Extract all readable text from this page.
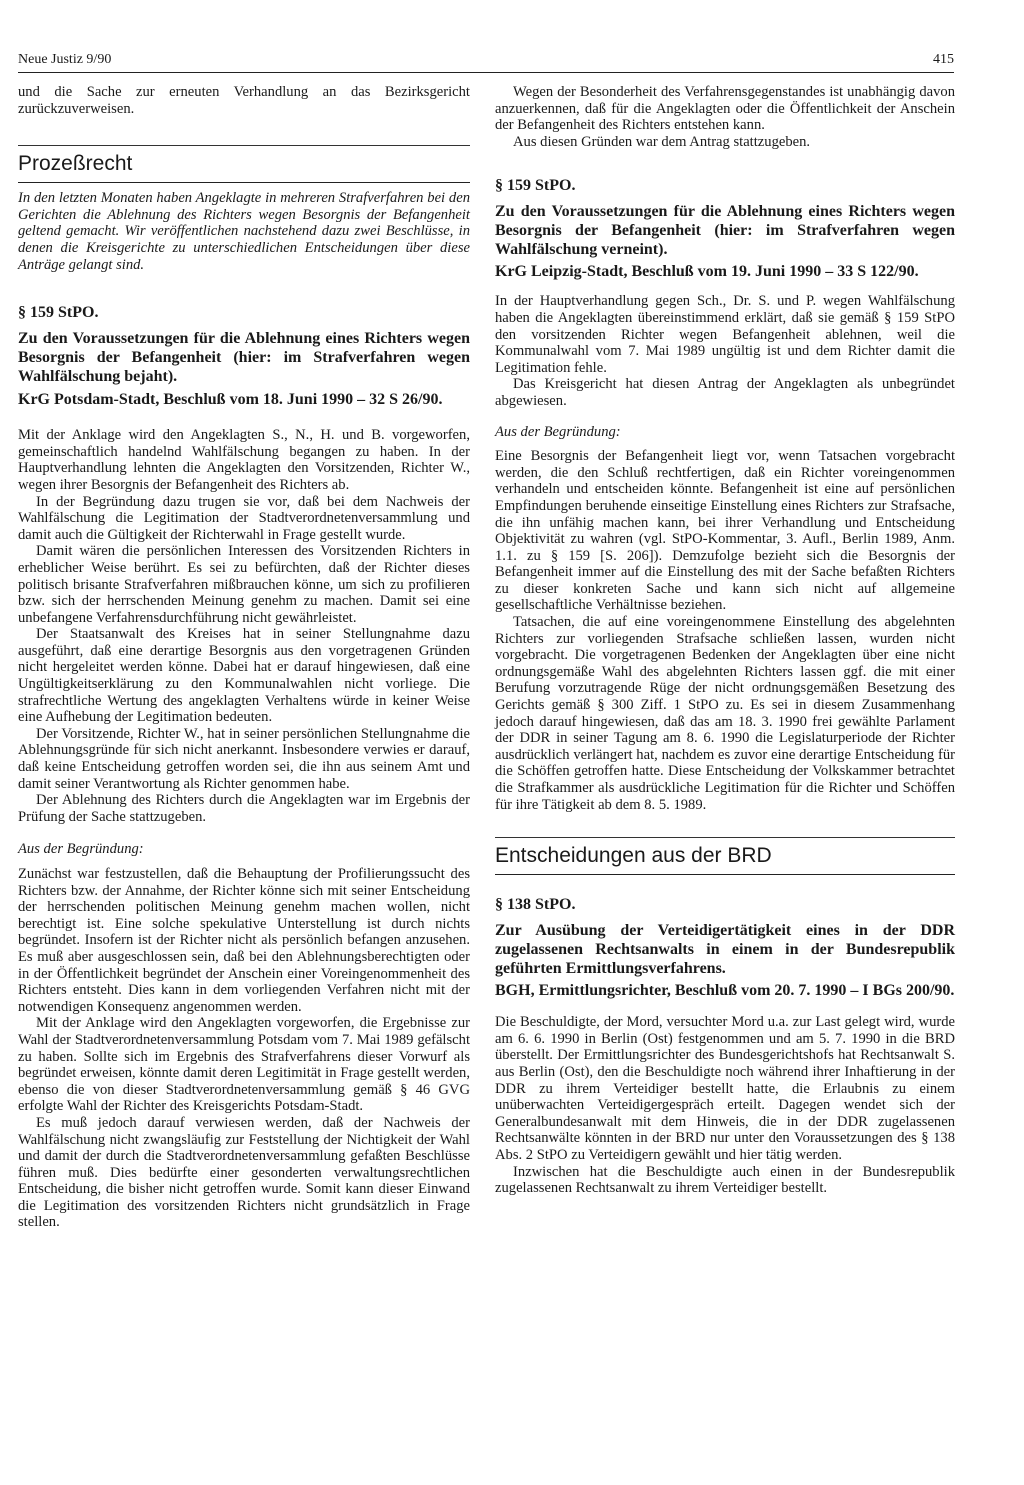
Neue Justiz 9/90	415

und die Sache zur erneuten Verhandlung an das Bezirksgericht zurückzuverweisen.

Prozeßrecht

In den letzten Monaten haben Angeklagte in mehreren Strafverfahren bei den Gerichten die Ablehnung des Richters wegen Besorgnis der Befangenheit geltend gemacht. Wir veröffentlichen nachstehend dazu zwei Beschlüsse, in denen die Kreisgerichte zu unterschiedlichen Entscheidungen über diese Anträge gelangt sind.

§ 159 StPO.

Zu den Voraussetzungen für die Ablehnung eines Richters wegen Besorgnis der Befangenheit (hier: im Strafverfahren wegen Wahlfälschung bejaht).

KrG Potsdam-Stadt, Beschluß vom 18. Juni 1990 – 32 S 26/90.

Mit der Anklage wird den Angeklagten S., N., H. und B. vorgeworfen, gemeinschaftlich handelnd Wahlfälschung begangen zu haben. In der Hauptverhandlung lehnten die Angeklagten den Vorsitzenden, Richter W., wegen ihrer Besorgnis der Befangenheit des Richters ab.

In der Begründung dazu trugen sie vor, daß bei dem Nachweis der Wahlfälschung die Legitimation der Stadtverordnetenversammlung und damit auch die Gültigkeit der Richterwahl in Frage gestellt wurde.

Damit wären die persönlichen Interessen des Vorsitzenden Richters in erheblicher Weise berührt. Es sei zu befürchten, daß der Richter dieses politisch brisante Strafverfahren mißbrauchen könne, um sich zu profilieren bzw. sich der herrschenden Meinung genehm zu machen. Damit sei eine unbefangene Verfahrensdurchführung nicht gewährleistet.

Der Staatsanwalt des Kreises hat in seiner Stellungnahme dazu ausgeführt, daß eine derartige Besorgnis aus den vorgetragenen Gründen nicht hergeleitet werden könne. Dabei hat er darauf hingewiesen, daß eine Ungültigkeitserklärung zu den Kommunalwahlen nicht vorliege. Die strafrechtliche Wertung des angeklagten Verhaltens würde in keiner Weise eine Aufhebung der Legitimation bedeuten.

Der Vorsitzende, Richter W., hat in seiner persönlichen Stellungnahme die Ablehnungsgründe für sich nicht anerkannt. Insbesondere verwies er darauf, daß keine Entscheidung getroffen worden sei, die ihn aus seinem Amt und damit seiner Verantwortung als Richter genommen habe.

Der Ablehnung des Richters durch die Angeklagten war im Ergebnis der Prüfung der Sache stattzugeben.

Aus der Begründung:

Zunächst war festzustellen, daß die Behauptung der Profilierungssucht des Richters bzw. der Annahme, der Richter könne sich mit seiner Entscheidung der herrschenden politischen Meinung genehm machen wollen, nicht berechtigt ist. Eine solche spekulative Unterstellung ist durch nichts begründet. Insofern ist der Richter nicht als persönlich befangen anzusehen. Es muß aber ausgeschlossen sein, daß bei den Ablehnungsberechtigten oder in der Öffentlichkeit begründet der Anschein einer Voreingenommenheit des Richters entsteht. Dies kann in dem vorliegenden Verfahren nicht mit der notwendigen Konsequenz angenommen werden.

Mit der Anklage wird den Angeklagten vorgeworfen, die Ergebnisse zur Wahl der Stadtverordnetenversammlung Potsdam vom 7. Mai 1989 gefälscht zu haben. Sollte sich im Ergebnis des Strafverfahrens dieser Vorwurf als begründet erweisen, könnte damit deren Legitimität in Frage gestellt werden, ebenso die von dieser Stadtverordnetenversammlung gemäß § 46 GVG erfolgte Wahl der Richter des Kreisgerichts Potsdam-Stadt.

Es muß jedoch darauf verwiesen werden, daß der Nachweis der Wahlfälschung nicht zwangsläufig zur Feststellung der Nichtigkeit der Wahl und damit der durch die Stadtverordnetenversammlung gefaßten Beschlüsse führen muß. Dies bedürfte einer gesonderten verwaltungsrechtlichen Entscheidung, die bisher nicht getroffen wurde. Somit kann dieser Einwand die Legitimation des vorsitzenden Richters nicht grundsätzlich in Frage stellen.

Wegen der Besonderheit des Verfahrensgegenstandes ist unabhängig davon anzuerkennen, daß für die Angeklagten oder die Öffentlichkeit der Anschein der Befangenheit des Richters entstehen kann.

Aus diesen Gründen war dem Antrag stattzugeben.

§ 159 StPO.

Zu den Voraussetzungen für die Ablehnung eines Richters wegen Besorgnis der Befangenheit (hier: im Strafverfahren wegen Wahlfälschung verneint).

KrG Leipzig-Stadt, Beschluß vom 19. Juni 1990 – 33 S 122/90.

In der Hauptverhandlung gegen Sch., Dr. S. und P. wegen Wahlfälschung haben die Angeklagten übereinstimmend erklärt, daß sie gemäß § 159 StPO den vorsitzenden Richter wegen Befangenheit ablehnen, weil die Kommunalwahl vom 7. Mai 1989 ungültig ist und dem Richter damit die Legitimation fehle.

Das Kreisgericht hat diesen Antrag der Angeklagten als unbegründet abgewiesen.

Aus der Begründung:

Eine Besorgnis der Befangenheit liegt vor, wenn Tatsachen vorgebracht werden, die den Schluß rechtfertigen, daß ein Richter voreingenommen verhandeln und entscheiden könnte. Befangenheit ist eine auf persönlichen Empfindungen beruhende einseitige Einstellung eines Richters zur Strafsache, die ihn unfähig machen kann, bei ihrer Verhandlung und Entscheidung Objektivität zu wahren (vgl. StPO-Kommentar, 3. Aufl., Berlin 1989, Anm. 1.1. zu § 159 [S. 206]). Demzufolge bezieht sich die Besorgnis der Befangenheit immer auf die Einstellung des mit der Sache befaßten Richters zu dieser konkreten Sache und kann sich nicht auf allgemeine gesellschaftliche Verhältnisse beziehen.

Tatsachen, die auf eine voreingenommene Einstellung des abgelehnten Richters zur vorliegenden Strafsache schließen lassen, wurden nicht vorgebracht. Die vorgetragenen Bedenken der Angeklagten über eine nicht ordnungsgemäße Wahl des abgelehnten Richters lassen ggf. die mit einer Berufung vorzutragende Rüge der nicht ordnungsgemäßen Besetzung des Gerichts gemäß § 300 Ziff. 1 StPO zu. Es sei in diesem Zusammenhang jedoch darauf hingewiesen, daß das am 18. 3. 1990 frei gewählte Parlament der DDR in seiner Tagung am 8. 6. 1990 die Legislaturperiode der Richter ausdrücklich verlängert hat, nachdem es zuvor eine derartige Entscheidung für die Schöffen getroffen hatte. Diese Entscheidung der Volkskammer betrachtet die Strafkammer als ausdrückliche Legitimation für die Richter und Schöffen für ihre Tätigkeit ab dem 8. 5. 1989.

Entscheidungen aus der BRD

§ 138 StPO.

Zur Ausübung der Verteidigertätigkeit eines in der DDR zugelassenen Rechtsanwalts in einem in der Bundesrepublik geführten Ermittlungsverfahrens.

BGH, Ermittlungsrichter, Beschluß vom 20. 7. 1990 – I BGs 200/90.

Die Beschuldigte, der Mord, versuchter Mord u.a. zur Last gelegt wird, wurde am 6. 6. 1990 in Berlin (Ost) festgenommen und am 5. 7. 1990 in die BRD überstellt. Der Ermittlungsrichter des Bundesgerichtshofs hat Rechtsanwalt S. aus Berlin (Ost), den die Beschuldigte noch während ihrer Inhaftierung in der DDR zu ihrem Verteidiger bestellt hatte, die Erlaubnis zu einem unüberwachten Verteidigergespräch erteilt. Dagegen wendet sich der Generalbundesanwalt mit dem Hinweis, die in der DDR zugelassenen Rechtsanwälte könnten in der BRD nur unter den Voraussetzungen des § 138 Abs. 2 StPO zu Verteidigern gewählt und hier tätig werden.

Inzwischen hat die Beschuldigte auch einen in der Bundesrepublik zugelassenen Rechtsanwalt zu ihrem Verteidiger bestellt.
